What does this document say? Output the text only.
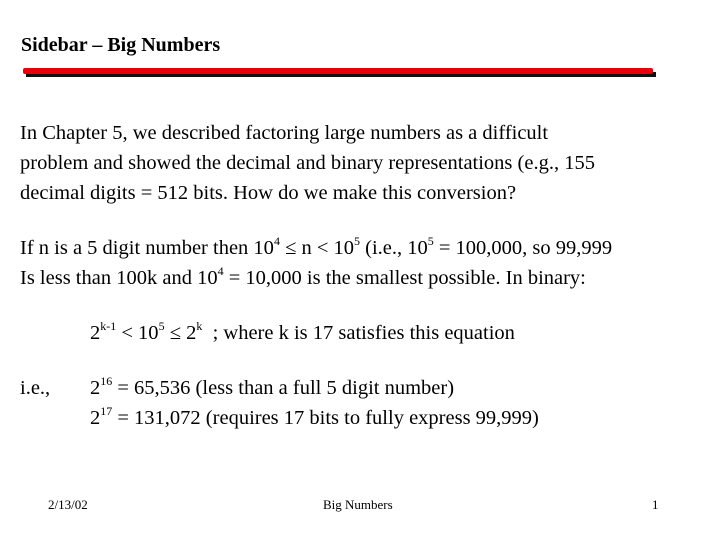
Sidebar – Big Numbers
In Chapter 5, we described factoring large numbers as a difficult
problem and showed the decimal and binary representations (e.g., 155
decimal digits = 512 bits. How do we make this conversion?
If n is a 5 digit number then $10^4 \le n < 10^5$ (i.e., $10^5 = 100,000$, so 99,999
Is less than 100k and $10^4 = 10,000$ is the smallest possible. In binary:
$2^{k-1} < 10^5 \le 2^k$  ; where k is 17 satisfies this equation
i.e., $2^{16} = 65,536$ (less than a full 5 digit number)
$2^{17} = 131,072$ (requires 17 bits to fully express 99,999)
2/13/02	Big Numbers	1
